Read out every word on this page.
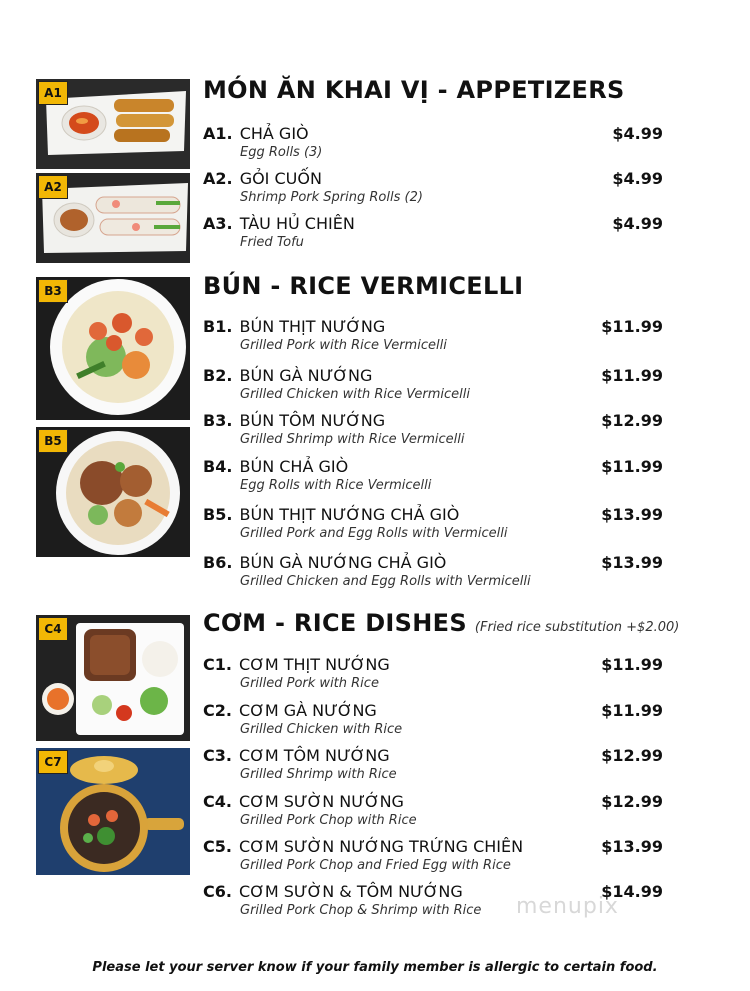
A1
A2
B3
B5
C4
C7
MÓN ĂN KHAI VỊ - APPETIZERS
A1. CHẢ GIÒ	$4.99
Egg Rolls (3)
A2. GỎI CUỐN	$4.99
Shrimp Pork Spring Rolls (2)
A3. TÀU HỦ CHIÊN	$4.99
Fried Tofu
BÚN - RICE VERMICELLI
B1. BÚN THỊT NƯỚNG	$11.99
Grilled Pork with Rice Vermicelli
B2. BÚN GÀ NƯỚNG	$11.99
Grilled Chicken with Rice Vermicelli
B3. BÚN TÔM NƯỚNG	$12.99
Grilled Shrimp with Rice Vermicelli
B4. BÚN CHẢ GIÒ	$11.99
Egg Rolls with Rice Vermicelli
B5. BÚN THỊT NƯỚNG CHẢ GIÒ	$13.99
Grilled Pork and Egg Rolls with Vermicelli
B6. BÚN GÀ NƯỚNG CHẢ GIÒ	$13.99
Grilled Chicken and Egg Rolls with Vermicelli
CƠM - RICE DISHES (Fried rice substitution +$2.00)
C1. CƠM THỊT NƯỚNG	$11.99
Grilled Pork with Rice
C2. CƠM GÀ NƯỚNG	$11.99
Grilled Chicken with Rice
C3. CƠM TÔM NƯỚNG	$12.99
Grilled Shrimp with Rice
C4. CƠM SƯỜN NƯỚNG	$12.99
Grilled Pork Chop with Rice
C5. CƠM SƯỜN NƯỚNG TRỨNG CHIÊN	$13.99
Grilled Pork Chop and Fried Egg with Rice
C6. CƠM SƯỜN & TÔM NƯỚNG	$14.99
Grilled Pork Chop & Shrimp with Rice menupix
Please let your server know if your family member is allergic to certain food.
